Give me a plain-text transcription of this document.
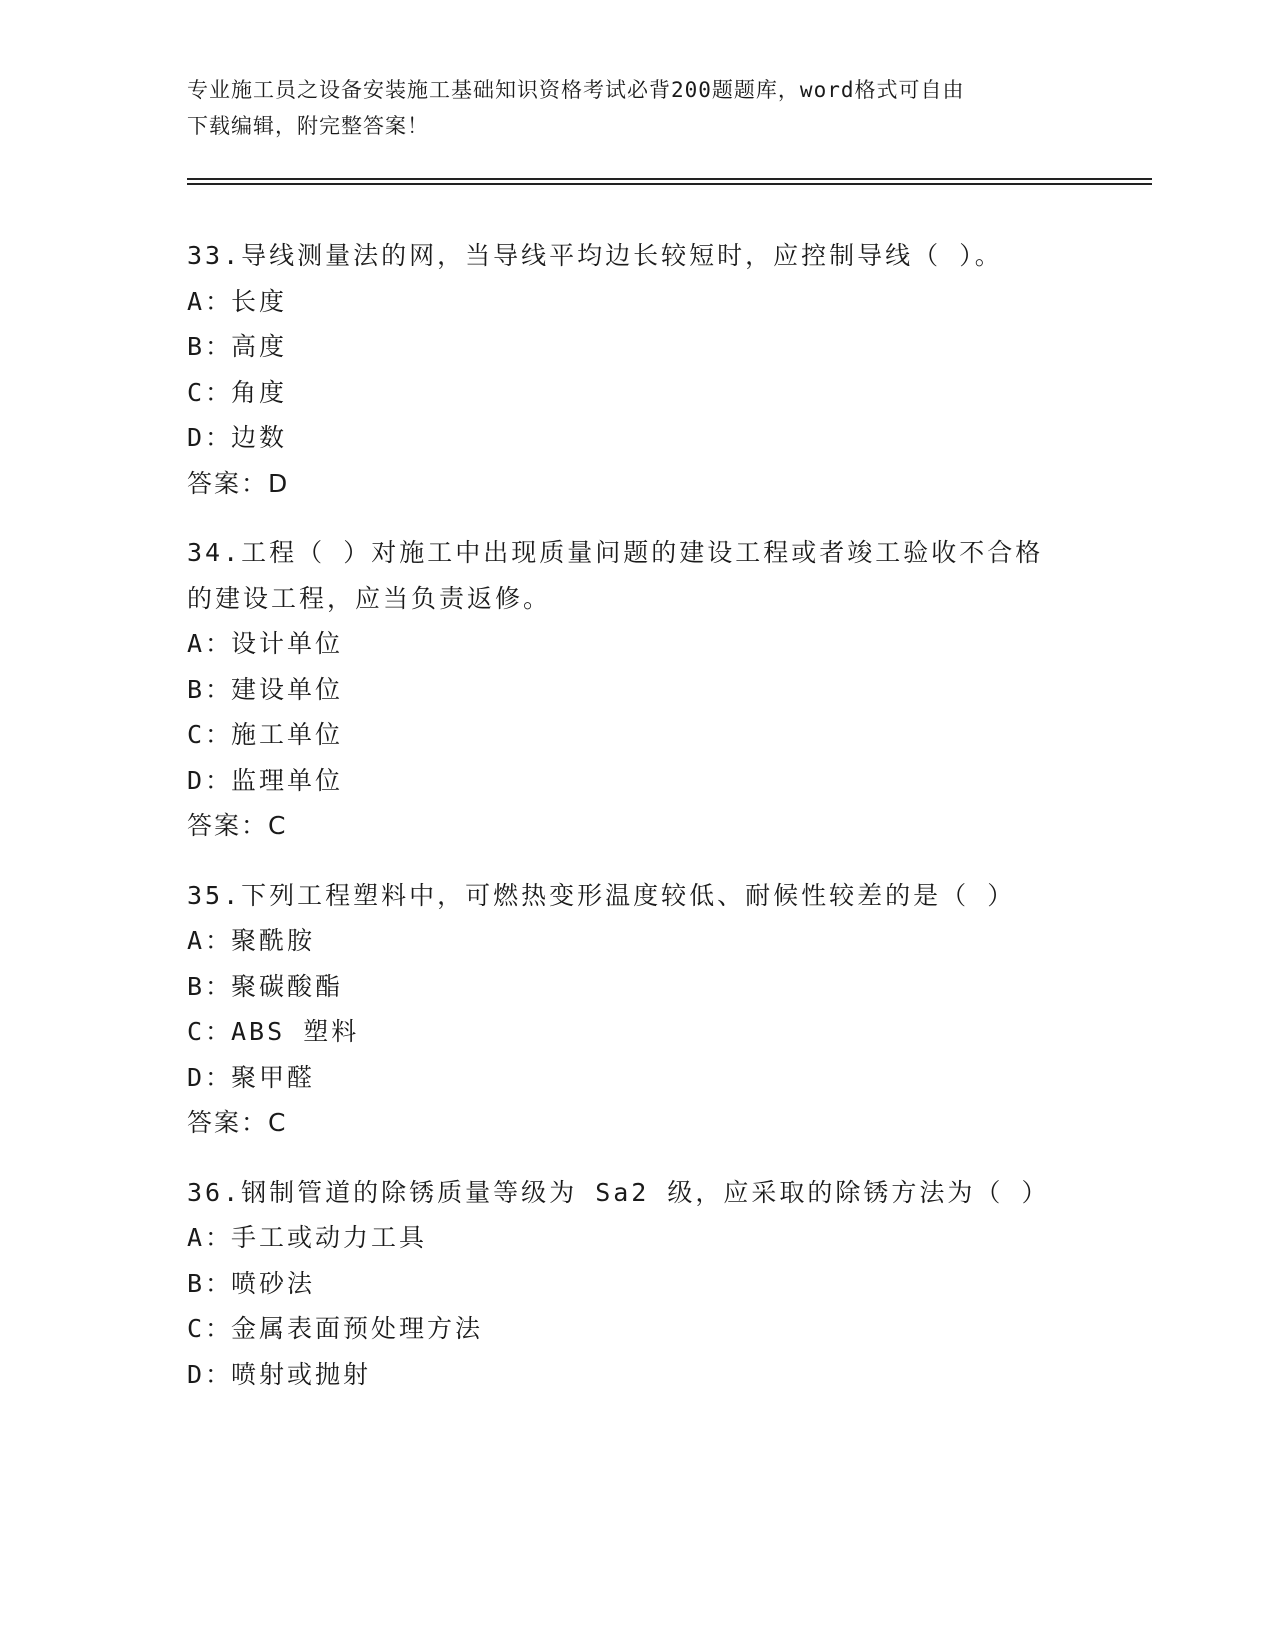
专业施工员之设备安装施工基础知识资格考试必背200题题库，word格式可自由
下载编辑，附完整答案！
33.导线测量法的网，当导线平均边长较短时，应控制导线（ ）。
A：
长度
B：
高度
C：
角度
D：
边数
答案：D
34.工程（ ）对施工中出现质量问题的建设工程或者竣工验收不合格
的建设工程，应当负责返修。
A：
设计单位
B：
建设单位
C：
施工单位
D：
监理单位
答案：C
35.下列工程塑料中，可燃热变形温度较低、耐候性较差的是（ ）
A：
聚酰胺
B：
聚碳酸酯
C：
ABS 塑料
D：
聚甲醛
答案：C
36.钢制管道的除锈质量等级为 Sa2 级，应采取的除锈方法为（ ）
A：
手工或动力工具
B：
喷砂法
C：
金属表面预处理方法
D：
喷射或抛射
